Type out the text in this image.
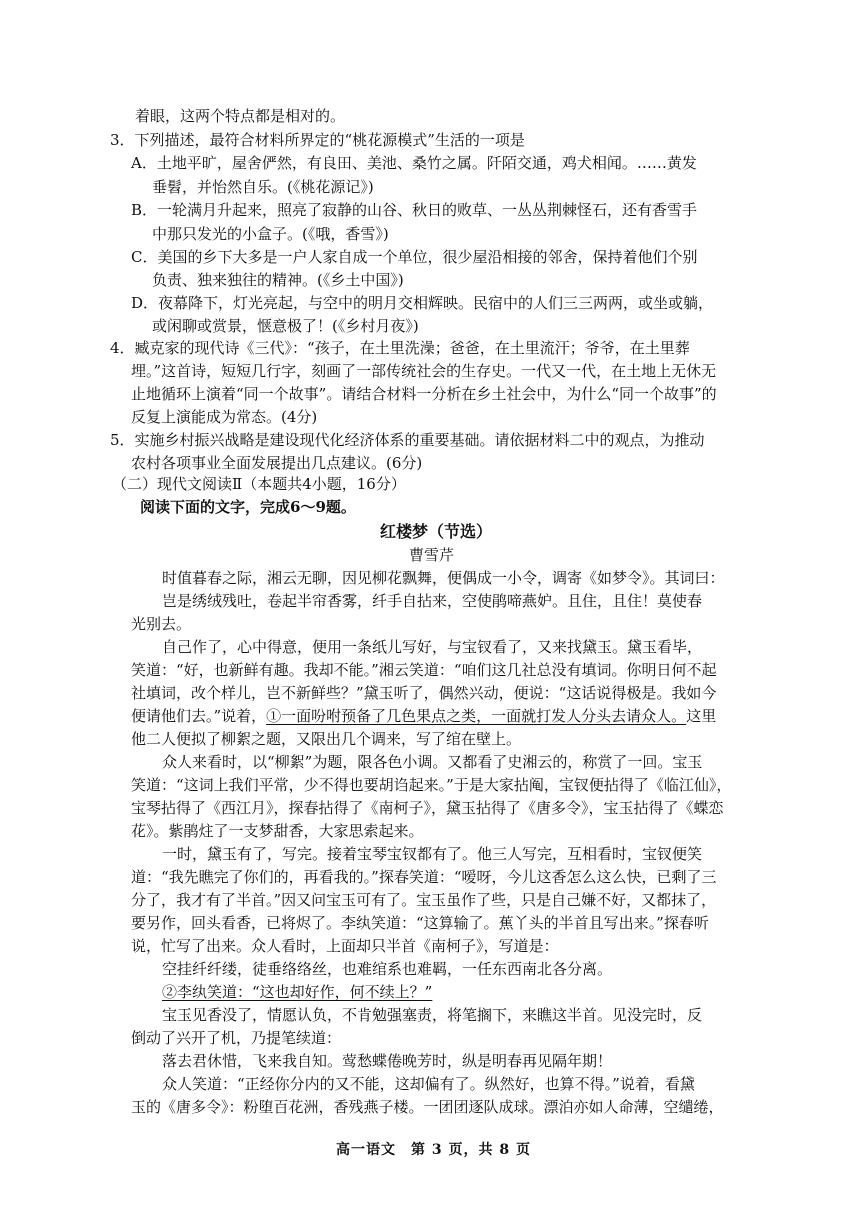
着眼，这两个特点都是相对的。
3．下列描述，最符合材料所界定的“桃花源模式”生活的一项是
A．土地平旷，屋舍俨然，有良田、美池、桑竹之属。阡陌交通，鸡犬相闻。……黄发
垂髫，并怡然自乐。(《桃花源记》)
B．一轮满月升起来，照亮了寂静的山谷、秋日的败草、一丛丛荆棘怪石，还有香雪手
中那只发光的小盒子。(《哦，香雪》)
C．美国的乡下大多是一户人家自成一个单位，很少屋沿相接的邻舍，保持着他们个别
负责、独来独往的精神。(《乡土中国》)
D．夜幕降下，灯光亮起，与空中的明月交相辉映。民宿中的人们三三两两，或坐或躺，
或闲聊或赏景，惬意极了！(《乡村月夜》)
4．臧克家的现代诗《三代》：“孩子，在土里洗澡；爸爸，在土里流汗；爷爷，在土里葬
埋。”这首诗，短短几行字，刻画了一部传统社会的生存史。一代又一代，在土地上无休无
止地循环上演着“同一个故事”。请结合材料一分析在乡土社会中，为什么“同一个故事”的
反复上演能成为常态。(4分)
5．实施乡村振兴战略是建设现代化经济体系的重要基础。请依据材料二中的观点，为推动
农村各项事业全面发展提出几点建议。(6分)
（二）现代文阅读Ⅱ（本题共4小题，16分）
阅读下面的文字，完成6～9题。
红楼梦（节选）
曹雪芹
时值暮春之际，湘云无聊，因见柳花飘舞，便偶成一小令，调寄《如梦令》。其词曰：
岂是绣绒残吐，卷起半帘香雾，纤手自拈来，空使鹃啼燕妒。且住，且住！莫使春
光别去。
自己作了，心中得意，便用一条纸儿写好，与宝钗看了，又来找黛玉。黛玉看毕，
笑道：“好，也新鲜有趣。我却不能。”湘云笑道：“咱们这几社总没有填词。你明日何不起
社填词，改个样儿，岂不新鲜些？”黛玉听了，偶然兴动，便说：“这话说得极是。我如今
便请他们去。”说着，①一面吩咐预备了几色果点之类，一面就打发人分头去请众人。这里
他二人便拟了柳絮之题，又限出几个调来，写了绾在壁上。
众人来看时，以“柳絮”为题，限各色小调。又都看了史湘云的，称赏了一回。宝玉
笑道：“这词上我们平常，少不得也要胡诌起来。”于是大家拈阄，宝钗便拈得了《临江仙》，
宝琴拈得了《西江月》，探春拈得了《南柯子》，黛玉拈得了《唐多令》，宝玉拈得了《蝶恋
花》。紫鹃炷了一支梦甜香，大家思索起来。
一时，黛玉有了，写完。接着宝琴宝钗都有了。他三人写完，互相看时，宝钗便笑
道：“我先瞧完了你们的，再看我的。”探春笑道：“嗳呀，今儿这香怎么这么快，已剩了三
分了，我才有了半首。”因又问宝玉可有了。宝玉虽作了些，只是自己嫌不好，又都抹了，
要另作，回头看香，已将烬了。李纨笑道：“这算输了。蕉丫头的半首且写出来。”探春听
说，忙写了出来。众人看时，上面却只半首《南柯子》，写道是：
空挂纤纤缕，徒垂络络丝，也难绾系也难羁，一任东西南北各分离。
②李纨笑道：“这也却好作，何不续上？”
宝玉见香没了，情愿认负，不肯勉强塞责，将笔搁下，来瞧这半首。见没完时，反
倒动了兴开了机，乃提笔续道：
落去君休惜，飞来我自知。莺愁蝶倦晚芳时，纵是明春再见隔年期！
众人笑道：“正经你分内的又不能，这却偏有了。纵然好，也算不得。”说着，看黛
玉的《唐多令》：粉堕百花洲，香残燕子楼。一团团逐队成球。漂泊亦如人命薄，空缱绻，
高一语文　第 3 页，共 8 页
